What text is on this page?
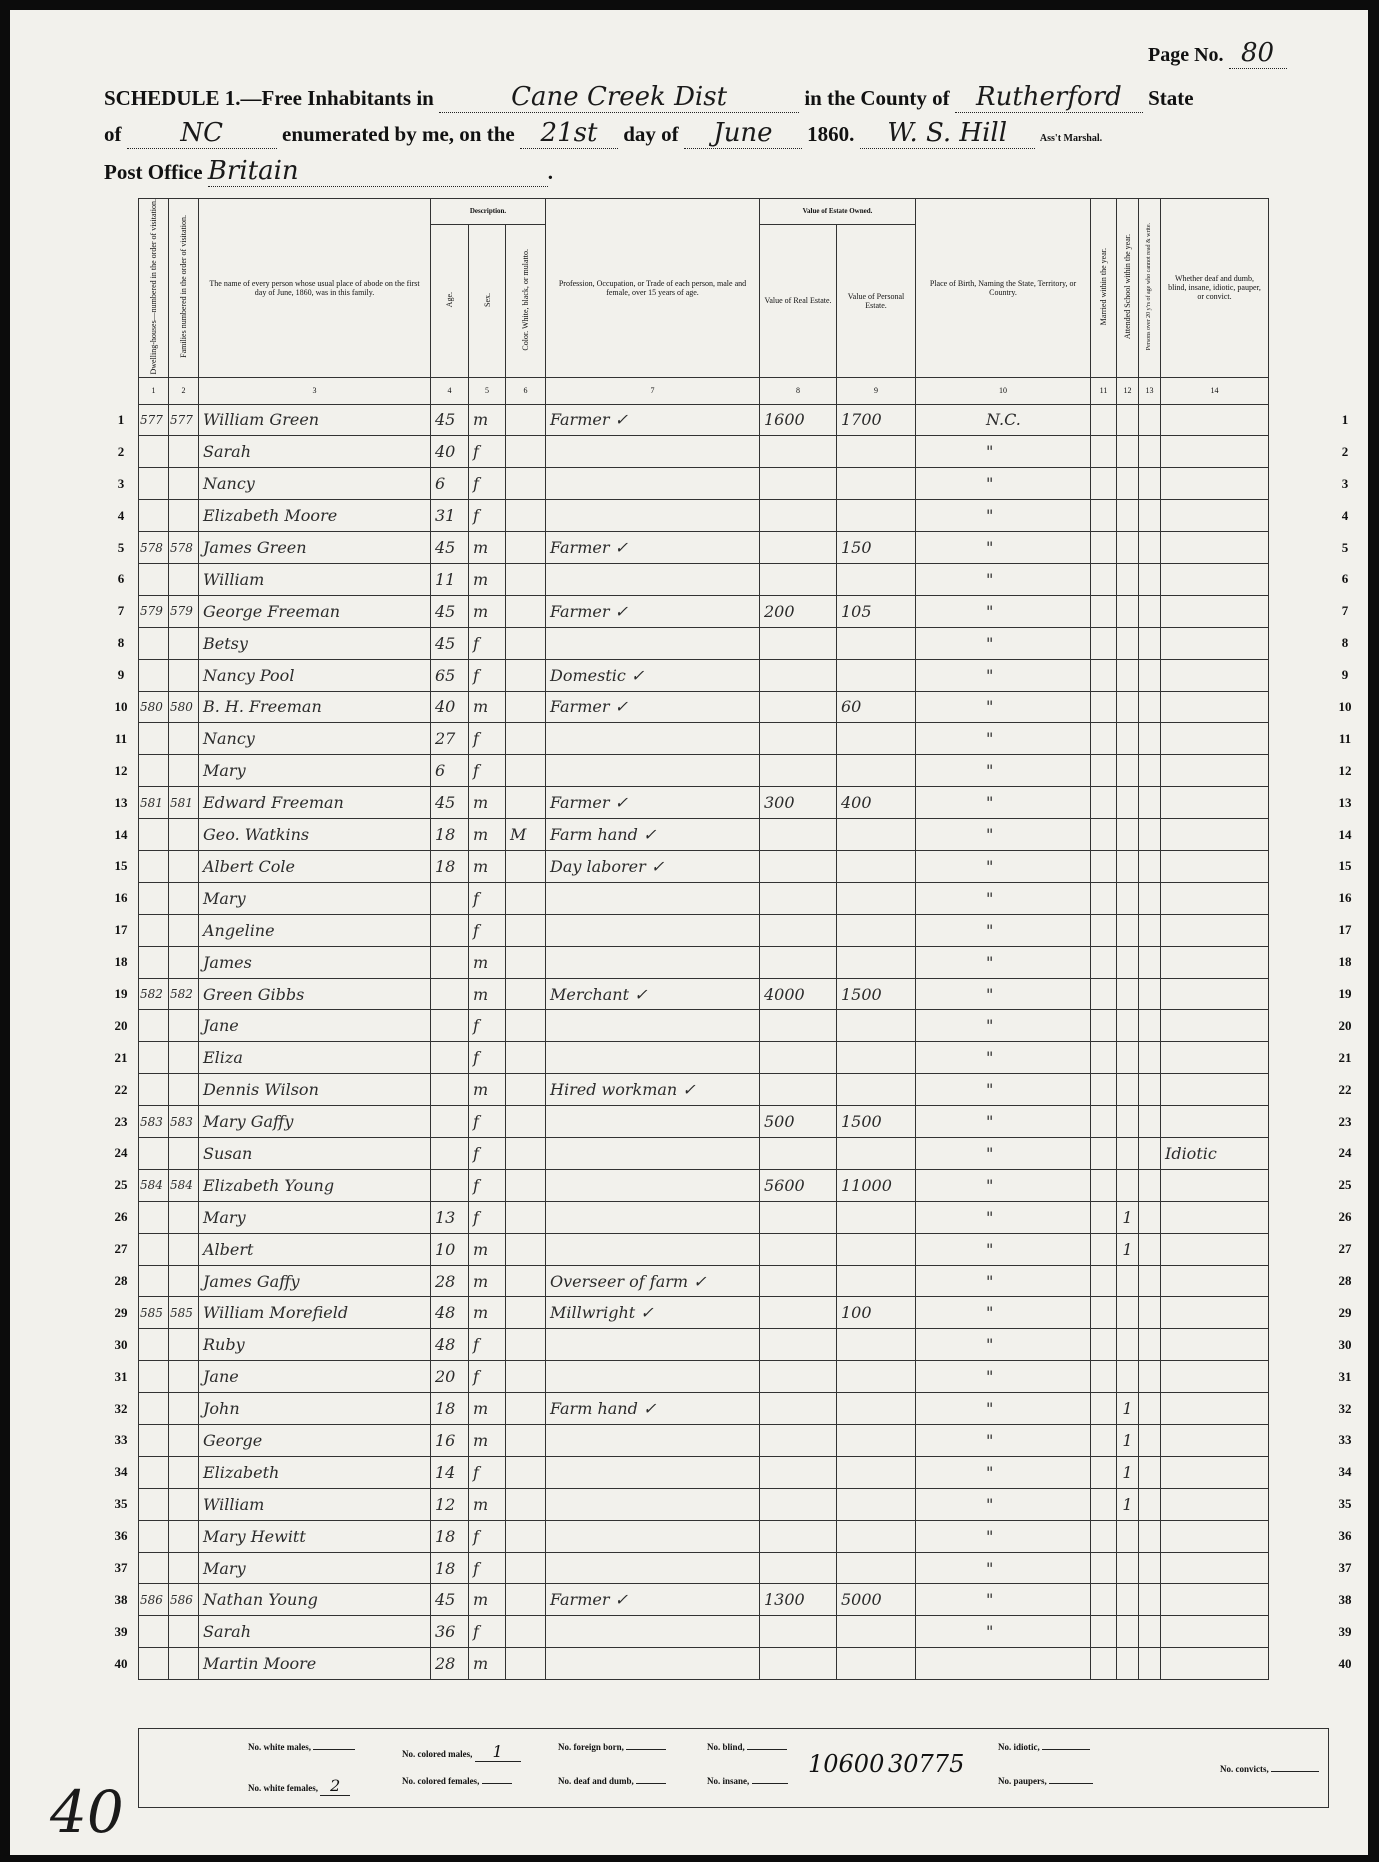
Page No. 80
SCHEDULE 1.—Free Inhabitants in	Cane Creek Dist	in the County of Rutherford State
of NC	enumerated by me, on the 21st day of June 1860. W. S. Hill	Ass't Marshal.
Post Office Britain	.
Dwelling-houses—numbered in the order of visitation.	Families numbered in the order of visitation.	The name of every person whose usual place of abode on the first day of June, 1860, was in this family.	Description.			Profession, Occupation, or Trade of each person, male and female, over 15 years of age.	Value of Estate Owned.		Place of Birth, Naming the State, Territory, or Country.	Married within the year.	Attended School within the year.	Persons over 20 y'rs of age who cannot read & write.	Whether deaf and dumb, blind, insane, idiotic, pauper, or convict.
			Age.	Sex.	Color. White, black, or mulatto.		Value of Real Estate.	Value of Personal Estate.					
1	2	3	4	5	6	7	8	9	10	11	12	13	14
577	577	William Green	45	m		Farmer ✓	1600	1700	N.C.				
		Sarah	40	f					"				
		Nancy	6	f					"				
		Elizabeth Moore	31	f					"				
578	578	James Green	45	m		Farmer ✓		150	"				
		William	11	m					"				
579	579	George Freeman	45	m		Farmer ✓	200	105	"				
		Betsy	45	f					"				
		Nancy Pool	65	f		Domestic ✓			"				
580	580	B. H. Freeman	40	m		Farmer ✓		60	"				
		Nancy	27	f					"				
		Mary	6	f					"				
581	581	Edward Freeman	45	m		Farmer ✓	300	400	"				
		Geo. Watkins	18	m	M	Farm hand ✓			"				
		Albert Cole	18	m		Day laborer ✓			"				
		Mary		f					"				
		Angeline		f					"				
		James		m					"				
582	582	Green Gibbs		m		Merchant ✓	4000	1500	"				
		Jane		f					"				
		Eliza		f					"				
		Dennis Wilson		m		Hired workman ✓			"				
583	583	Mary Gaffy		f			500	1500	"				
		Susan		f					"				Idiotic
584	584	Elizabeth Young		f			5600	11000	"				
		Mary	13	f					"		1		
		Albert	10	m					"		1		
		James Gaffy	28	m		Overseer of farm ✓			"				
585	585	William Morefield	48	m		Millwright ✓		100	"				
		Ruby	48	f					"				
		Jane	20	f					"				
		John	18	m		Farm hand ✓			"		1		
		George	16	m					"		1		
		Elizabeth	14	f					"		1		
		William	12	m					"		1		
		Mary Hewitt	18	f					"				
		Mary	18	f					"				
586	586	Nathan Young	45	m		Farmer ✓	1300	5000	"				
		Sarah	36	f					"				
		Martin Moore	28	m									
1	1
2	2
3	3
4	4
5	5
6	6
7	7
8	8
9	9
10	10
11	11
12	12
13	13
14	14
15	15
16	16
17	17
18	18
19	19
20	20
21	21
22	22
23	23
24	24
25	25
26	26
27	27
28	28
29	29
30	30
31	31
32	32
33	33
34	34
35	35
36	36
37	37
38	38
39	39
40	40
No. white males,
No. white females, 2
No. colored males, 1
No. colored females,
No. foreign born,
No. deaf and dumb,
No. blind,
No. insane,
10600 30775
No. idiotic,
No. paupers,
No. convicts,
40
